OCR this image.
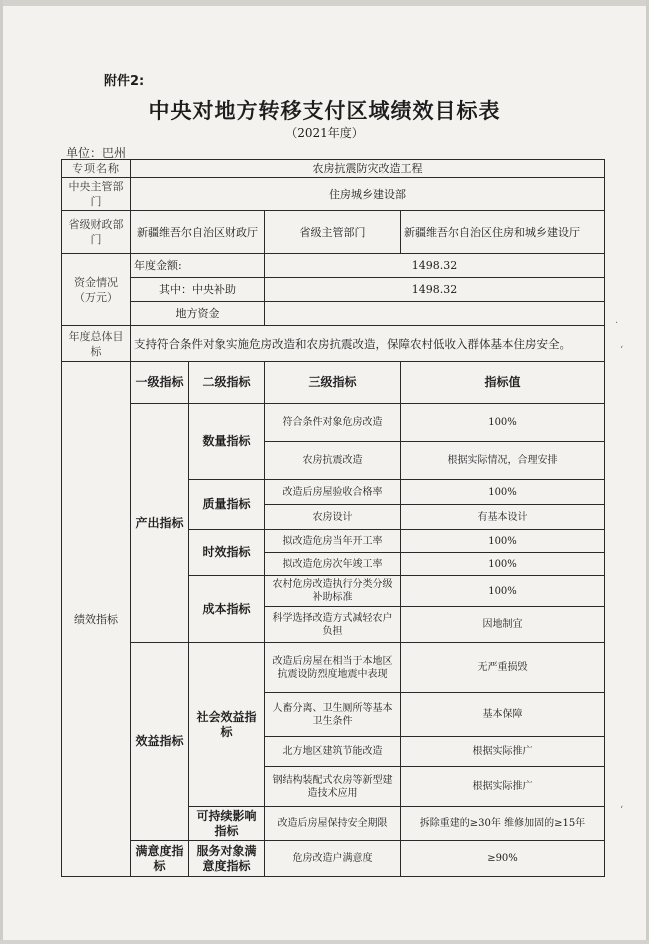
附件2:
中央对地方转移支付区域绩效目标表
（2021年度）
单位：巴州
·
ʻ
ʻ
专项名称	农房抗震防灾改造工程			
中央主管部门	住房城乡建设部			
省级财政部门	新疆维吾尔自治区财政厅		省级主管部门	新疆维吾尔自治区住房和城乡建设厅
资金情况（万元）	年度金额:		1498.32	
	其中：中央补助		1498.32	
	地方资金			
年度总体目标	支持符合条件对象实施危房改造和农房抗震改造，保障农村低收入群体基本住房安全。			
绩效指标	一级指标	二级指标	三级指标	指标值
	产出指标	数量指标	符合条件对象危房改造	100%
			农房抗震改造	根据实际情况，合理安排
		质量指标	改造后房屋验收合格率	100%
			农房设计	有基本设计
		时效指标	拟改造危房当年开工率	100%
			拟改造危房次年竣工率	100%
		成本指标	农村危房改造执行分类分级补助标准	100%
			科学选择改造方式减轻农户负担	因地制宜
	效益指标	社会效益指标	改造后房屋在相当于本地区抗震设防烈度地震中表现	无严重损毁
			人畜分离、卫生厕所等基本卫生条件	基本保障
			北方地区建筑节能改造	根据实际推广
			钢结构装配式农房等新型建造技术应用	根据实际推广
		可持续影响指标	改造后房屋保持安全期限	拆除重建的≥30年 维修加固的≥15年
	满意度指标	服务对象满意度指标	危房改造户满意度	≥90%
